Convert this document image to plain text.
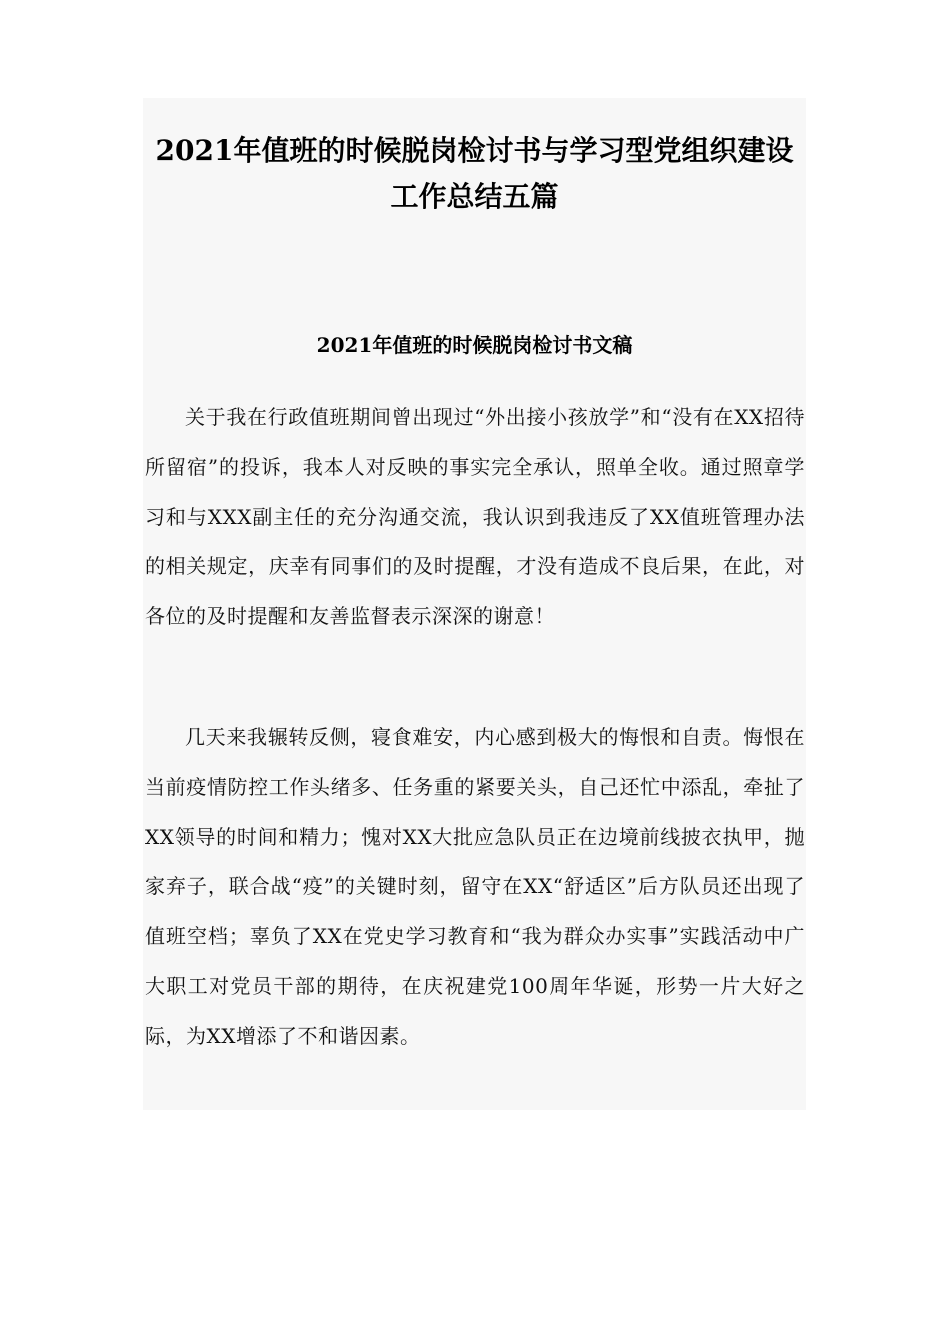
2021年值班的时候脱岗检讨书与学习型党组织建设
工作总结五篇
2021年值班的时候脱岗检讨书文稿

关于我在行政值班期间曾出现过“外出接小孩放学”和“没有在XX招待所留宿”的投诉，我本人对反映的事实完全承认，照单全收。通过照章学习和与XXX副主任的充分沟通交流，我认识到我违反了XX值班管理办法的相关规定，庆幸有同事们的及时提醒，才没有造成不良后果，在此，对各位的及时提醒和友善监督表示深深的谢意！

几天来我辗转反侧，寝食难安，内心感到极大的悔恨和自责。悔恨在当前疫情防控工作头绪多、任务重的紧要关头，自己还忙中添乱，牵扯了XX领导的时间和精力；愧对XX大批应急队员正在边境前线披衣执甲，抛家弃子，联合战“疫”的关键时刻，留守在XX“舒适区”后方队员还出现了值班空档；辜负了XX在党史学习教育和“我为群众办实事”实践活动中广大职工对党员干部的期待，在庆祝建党100周年华诞，形势一片大好之际，为XX增添了不和谐因素。
